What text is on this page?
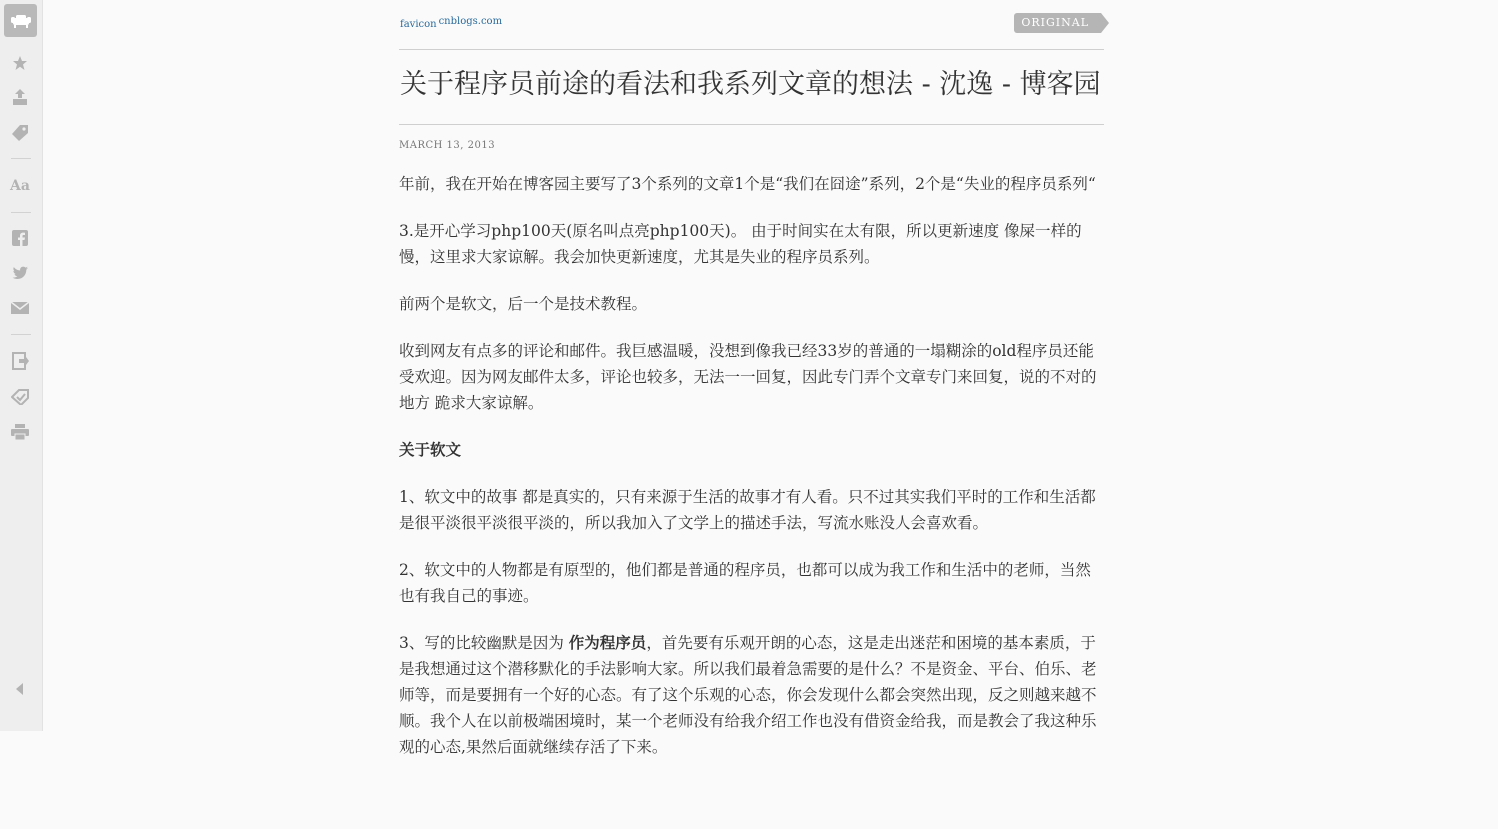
Aa
favicon cnblogs.com	ORIGINAL
关于程序员前途的看法和我系列文章的想法 - 沈逸 - 博客园
MARCH 13, 2013

年前，我在开始在博客园主要写了3个系列的文章1个是“我们在囧途”系列，2个是“失业的程序员系列“

3.是开心学习php100天(原名叫点亮php100天)。 由于时间实在太有限，所以更新速度 像屎一样的慢，这里求大家谅解。我会加快更新速度，尤其是失业的程序员系列。

前两个是软文，后一个是技术教程。

收到网友有点多的评论和邮件。我巨感温暖，没想到像我已经33岁的普通的一塌糊涂的old程序员还能受欢迎。因为网友邮件太多，评论也较多，无法一一回复，因此专门弄个文章专门来回复，说的不对的地方 跪求大家谅解。

关于软文

1、软文中的故事 都是真实的，只有来源于生活的故事才有人看。只不过其实我们平时的工作和生活都是很平淡很平淡很平淡的，所以我加入了文学上的描述手法，写流水账没人会喜欢看。

2、软文中的人物都是有原型的，他们都是普通的程序员，也都可以成为我工作和生活中的老师，当然也有我自己的事迹。

3、写的比较幽默是因为 作为程序员，首先要有乐观开朗的心态，这是走出迷茫和困境的基本素质，于是我想通过这个潜移默化的手法影响大家。所以我们最着急需要的是什么？不是资金、平台、伯乐、老师等，而是要拥有一个好的心态。有了这个乐观的心态，你会发现什么都会突然出现，反之则越来越不顺。我个人在以前极端困境时，某一个老师没有给我介绍工作也没有借资金给我，而是教会了我这种乐观的心态,果然后面就继续存活了下来。
